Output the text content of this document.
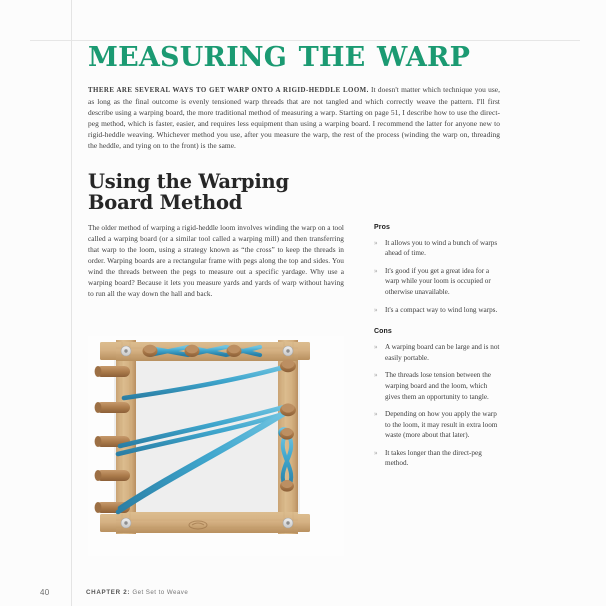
MEASURING THE WARP

THERE ARE SEVERAL WAYS TO GET WARP ONTO A RIGID-HEDDLE LOOM. It doesn't matter which technique you use, as long as the final outcome is evenly tensioned warp threads that are not tangled and which correctly weave the pattern. I'll first describe using a warping board, the more traditional method of measuring a warp. Starting on page 51, I describe how to use the direct-peg method, which is faster, easier, and requires less equipment than using a warping board. I recommend the latter for anyone new to rigid-heddle weaving. Whichever method you use, after you measure the warp, the rest of the process (winding the warp on, threading the heddle, and tying on to the front) is the same.

Using the Warping
Board Method

The older method of warping a rigid-heddle loom involves winding the warp on a tool called a warping board (or a similar tool called a warping mill) and then transferring that warp to the loom, using a strategy known as “the cross” to keep the threads in order. Warping boards are a rectangular frame with pegs along the top and sides. You wind the threads between the pegs to measure out a specific yardage. Why use a warping board? Because it lets you measure yards and yards of warp without having to run all the way down the hall and back.

Pros
» It allows you to wind a bunch of warps ahead of time.
» It's good if you get a great idea for a warp while your loom is occupied or otherwise unavailable.
» It's a compact way to wind long warps.
Cons
» A warping board can be large and is not easily portable.
» The threads lose tension between the warping board and the loom, which gives them an opportunity to tangle.
» Depending on how you apply the warp to the loom, it may result in extra loom waste (more about that later).
» It takes longer than the direct-peg method.
40	CHAPTER 2: Get Set to Weave
